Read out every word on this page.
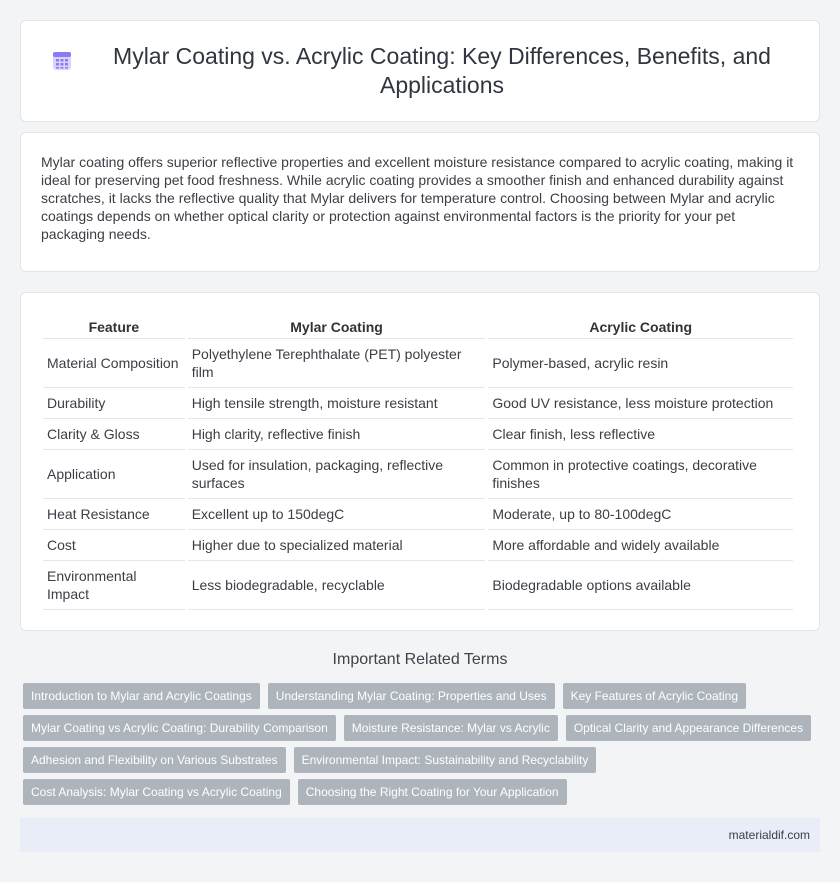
Mylar Coating vs. Acrylic Coating: Key Differences, Benefits, and Applications

Mylar coating offers superior reflective properties and excellent moisture resistance compared to acrylic coating, making it ideal for preserving pet food freshness. While acrylic coating provides a smoother finish and enhanced durability against scratches, it lacks the reflective quality that Mylar delivers for temperature control. Choosing between Mylar and acrylic coatings depends on whether optical clarity or protection against environmental factors is the priority for your pet packaging needs.

Feature	Mylar Coating	Acrylic Coating
Material Composition	Polyethylene Terephthalate (PET) polyester film	Polymer-based, acrylic resin
Durability	High tensile strength, moisture resistant	Good UV resistance, less moisture protection
Clarity & Gloss	High clarity, reflective finish	Clear finish, less reflective
Application	Used for insulation, packaging, reflective surfaces	Common in protective coatings, decorative finishes
Heat Resistance	Excellent up to 150degC	Moderate, up to 80-100degC
Cost	Higher due to specialized material	More affordable and widely available
Environmental Impact	Less biodegradable, recyclable	Biodegradable options available
Important Related Terms
Introduction to Mylar and Acrylic Coatings	Understanding Mylar Coating: Properties and Uses	Key Features of Acrylic Coating
Mylar Coating vs Acrylic Coating: Durability Comparison	Moisture Resistance: Mylar vs Acrylic	Optical Clarity and Appearance Differences
Adhesion and Flexibility on Various Substrates	Environmental Impact: Sustainability and Recyclability
Cost Analysis: Mylar Coating vs Acrylic Coating	Choosing the Right Coating for Your Application
materialdif.com
